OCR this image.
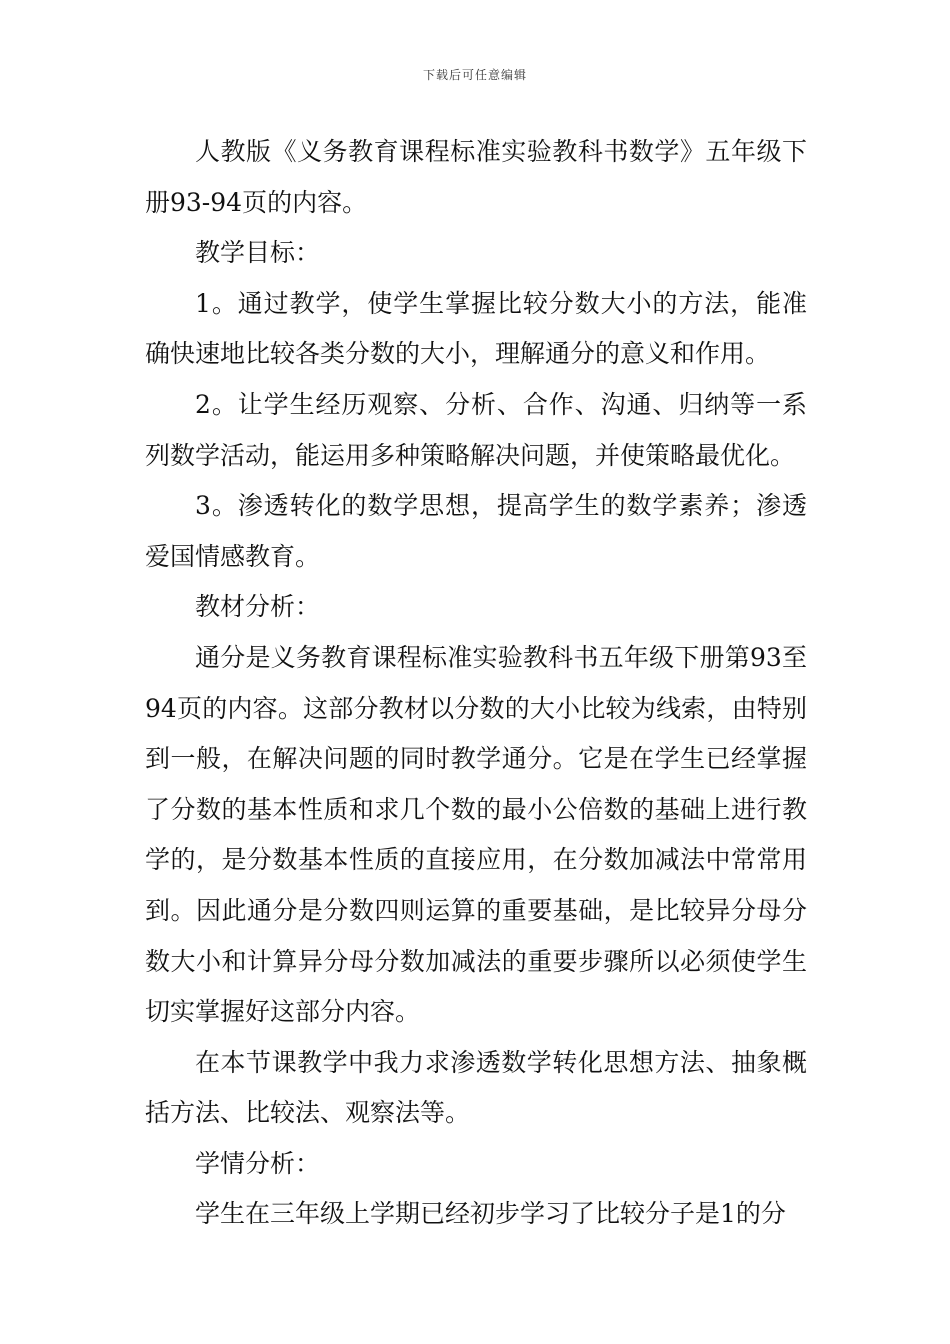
下载后可任意编辑

人教版《义务教育课程标准实验教科书数学》五年级下册93-94页的内容。

教学目标：

1。通过教学，使学生掌握比较分数大小的方法，能准确快速地比较各类分数的大小，理解通分的意义和作用。

2。让学生经历观察、分析、合作、沟通、归纳等一系列数学活动，能运用多种策略解决问题，并使策略最优化。

3。渗透转化的数学思想，提高学生的数学素养；渗透爱国情感教育。

教材分析：

通分是义务教育课程标准实验教科书五年级下册第93至94页的内容。这部分教材以分数的大小比较为线索，由特别到一般，在解决问题的同时教学通分。它是在学生已经掌握了分数的基本性质和求几个数的最小公倍数的基础上进行教学的，是分数基本性质的直接应用，在分数加减法中常常用到。因此通分是分数四则运算的重要基础，是比较异分母分数大小和计算异分母分数加减法的重要步骤所以必须使学生切实掌握好这部分内容。

在本节课教学中我力求渗透数学转化思想方法、抽象概括方法、比较法、观察法等。

学情分析：

学生在三年级上学期已经初步学习了比较分子是1的分
